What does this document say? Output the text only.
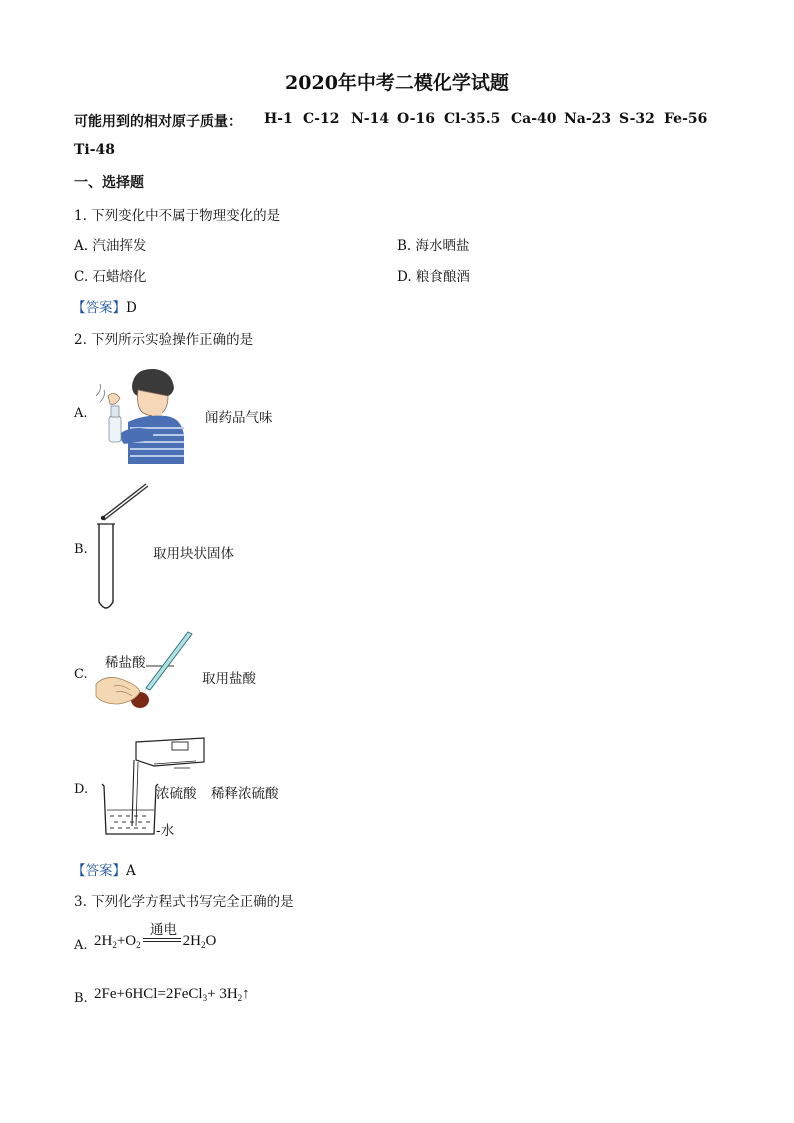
2020年中考二模化学试题
可能用到的相对原子质量： H-1 C-12 N-14 O-16 Cl-35.5 Ca-40 Na-23 S-32 Fe-56
Ti-48
一、选择题
1. 下列变化中不属于物理变化的是
A. 汽油挥发	B. 海水晒盐
C. 石蜡熔化	D. 粮食酿酒
【答案】D
2. 下列所示实验操作正确的是
A.	闻药品气味
B.	取用块状固体
C.
稀盐酸
取用盐酸
D.	浓硫酸
-水
稀释浓硫酸
【答案】A
3. 下列化学方程式书写完全正确的是
A.
通电
$2H_2+O_2$	$2H_2O$
B. 2Fe+6HCl=2FeCl$_3$+ $3H_2↑$
